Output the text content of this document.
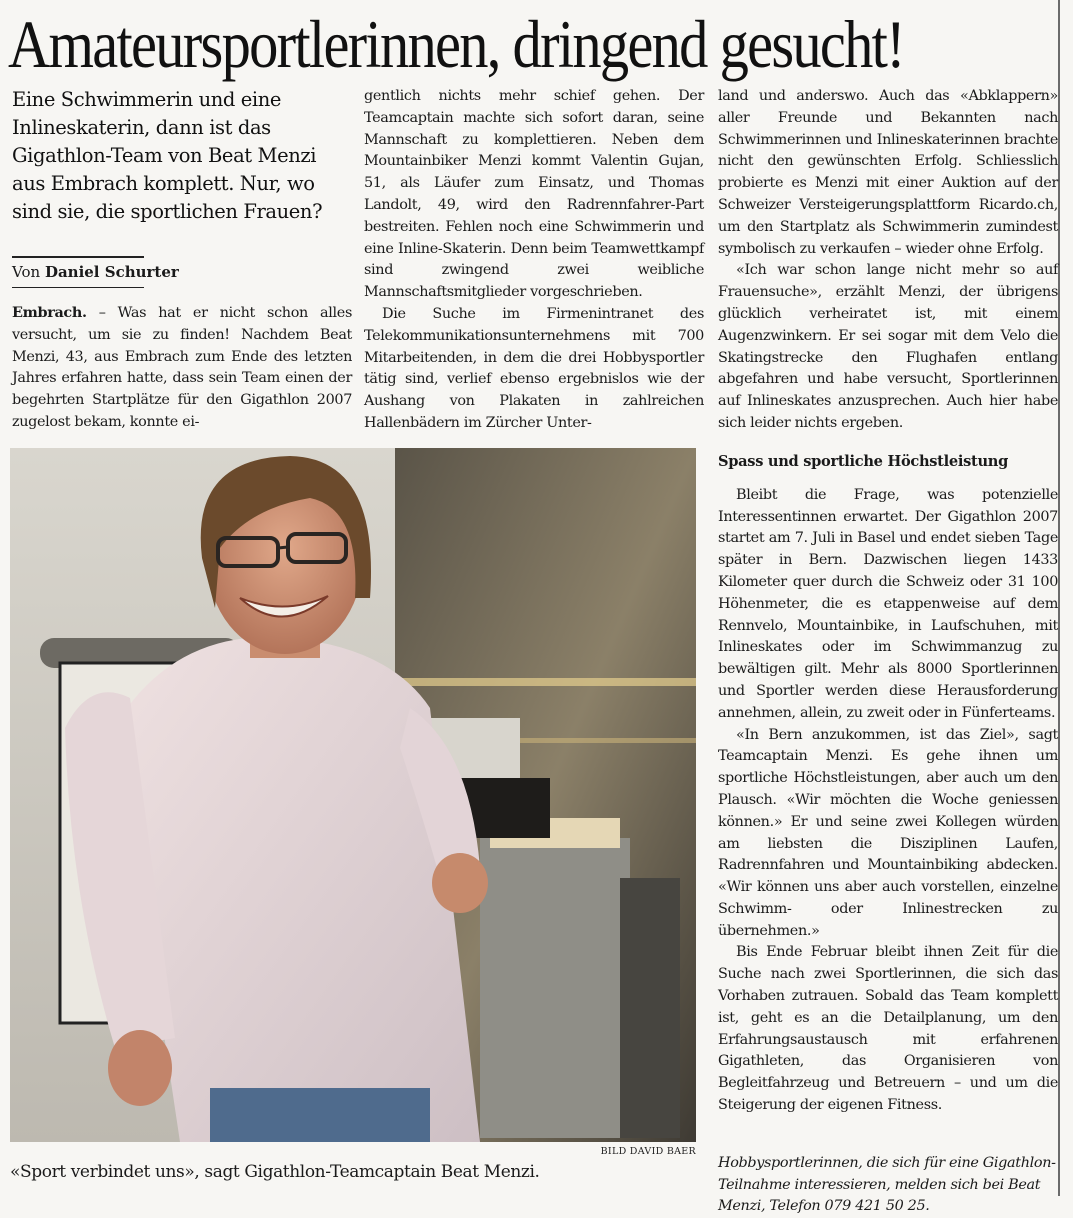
Amateursportlerinnen, dringend gesucht!

Eine Schwimmerin und eine Inlineskaterin, dann ist das Gigathlon-Team von Beat Menzi aus Embrach komplett. Nur, wo sind sie, die sportlichen Frauen?

Von Daniel Schurter

Embrach. – Was hat er nicht schon alles versucht, um sie zu finden! Nachdem Beat Menzi, 43, aus Embrach zum Ende des letzten Jahres erfahren hatte, dass sein Team einen der begehrten Startplätze für den Gigathlon 2007 zugelost bekam, konnte ei-

gentlich nichts mehr schief gehen. Der Teamcaptain machte sich sofort daran, seine Mannschaft zu komplettieren. Neben dem Mountainbiker Menzi kommt Valentin Gujan, 51, als Läufer zum Einsatz, und Thomas Landolt, 49, wird den Radrennfahrer-Part bestreiten. Fehlen noch eine Schwimmerin und eine Inline-Skaterin. Denn beim Teamwettkampf sind zwingend zwei weibliche Mannschaftsmitglieder vorgeschrieben.

Die Suche im Firmenintranet des Telekommunikationsunternehmens mit 700 Mitarbeitenden, in dem die drei Hobbysportler tätig sind, verlief ebenso ergebnislos wie der Aushang von Plakaten in zahlreichen Hallenbädern im Zürcher Unter-

land und anderswo. Auch das «Abklappern» aller Freunde und Bekannten nach Schwimmerinnen und Inlineskaterinnen brachte nicht den gewünschten Erfolg. Schliesslich probierte es Menzi mit einer Auktion auf der Schweizer Versteigerungsplattform Ricardo.ch, um den Startplatz als Schwimmerin zumindest symbolisch zu verkaufen – wieder ohne Erfolg.

«Ich war schon lange nicht mehr so auf Frauensuche», erzählt Menzi, der übrigens glücklich verheiratet ist, mit einem Augenzwinkern. Er sei sogar mit dem Velo die Skatingstrecke den Flughafen entlang abgefahren und habe versucht, Sportlerinnen auf Inlineskates anzusprechen. Auch hier habe sich leider nichts ergeben.

Spass und sportliche Höchstleistung

Bleibt die Frage, was potenzielle Interessentinnen erwartet. Der Gigathlon 2007 startet am 7. Juli in Basel und endet sieben Tage später in Bern. Dazwischen liegen 1433 Kilometer quer durch die Schweiz oder 31 100 Höhenmeter, die es etappenweise auf dem Rennvelo, Mountainbike, in Laufschuhen, mit Inlineskates oder im Schwimmanzug zu bewältigen gilt. Mehr als 8000 Sportlerinnen und Sportler werden diese Herausforderung annehmen, allein, zu zweit oder in Fünferteams.

«In Bern anzukommen, ist das Ziel», sagt Teamcaptain Menzi. Es gehe ihnen um sportliche Höchstleistungen, aber auch um den Plausch. «Wir möchten die Woche geniessen können.» Er und seine zwei Kollegen würden am liebsten die Disziplinen Laufen, Radrennfahren und Mountainbiking abdecken. «Wir können uns aber auch vorstellen, einzelne Schwimm- oder Inlinestrecken zu übernehmen.»

Bis Ende Februar bleibt ihnen Zeit für die Suche nach zwei Sportlerinnen, die sich das Vorhaben zutrauen. Sobald das Team komplett ist, geht es an die Detailplanung, um den Erfahrungsaustausch mit erfahrenen Gigathleten, das Organisieren von Begleitfahrzeug und Betreuern – und um die Steigerung der eigenen Fitness.

Hobbysportlerinnen, die sich für eine Gigathlon-Teilnahme interessieren, melden sich bei Beat Menzi, Telefon 079 421 50 25.

BILD DAVID BAER

«Sport verbindet uns», sagt Gigathlon-Teamcaptain Beat Menzi.
